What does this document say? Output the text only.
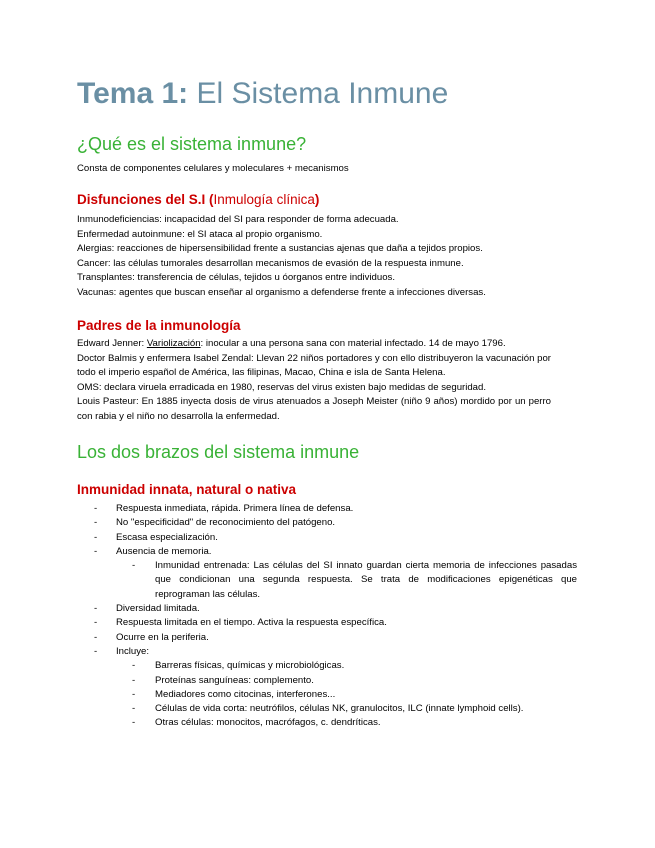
Tema 1: El Sistema Inmune
¿Qué es el sistema inmune?

Consta de componentes celulares y moleculares + mecanismos

Disfunciones del S.I (Inmulogía clínica)

Inmunodeficiencias: incapacidad del SI para responder de forma adecuada.
Enfermedad autoinmune: el SI ataca al propio organismo.
Alergias: reacciones de hipersensibilidad frente a sustancias ajenas que daña a tejidos propios.
Cancer: las células tumorales desarrollan mecanismos de evasión de la respuesta inmune.
Transplantes: transferencia de células, tejidos u óorganos entre individuos.
Vacunas: agentes que buscan enseñar al organismo a defenderse frente a infecciones diversas.

Padres de la inmunología

Edward Jenner: Variolización: inocular a una persona sana con material infectado. 14 de mayo 1796.
Doctor Balmis y enfermera Isabel Zendal: Llevan 22 niños portadores y con ello distribuyeron la vacunación por todo el imperio español de América, las filipinas, Macao, China e isla de Santa Helena.
OMS: declara viruela erradicada en 1980, reservas del virus existen bajo medidas de seguridad.
Louis Pasteur: En 1885 inyecta dosis de virus atenuados a Joseph Meister (niño 9 años) mordido por un perro con rabia y el niño no desarrolla la enfermedad.

Los dos brazos del sistema inmune
Inmunidad innata, natural o nativa
- Respuesta inmediata, rápida. Primera línea de defensa.
- No "especificidad" de reconocimiento del patógeno.
- Escasa especialización.
- Ausencia de memoria.
- Inmunidad entrenada: Las células del SI innato guardan cierta memoria de infecciones pasadas que condicionan una segunda respuesta. Se trata de modificaciones epigenéticas que reprograman las células.
- Diversidad limitada.
- Respuesta limitada en el tiempo. Activa la respuesta específica.
- Ocurre en la periferia.
- Incluye:
- Barreras físicas, químicas y microbiológicas.
- Proteínas sanguíneas: complemento.
- Mediadores como citocinas, interferones...
- Células de vida corta: neutrófilos, células NK, granulocitos, ILC (innate lymphoid cells).
- Otras células: monocitos, macrófagos, c. dendríticas.
